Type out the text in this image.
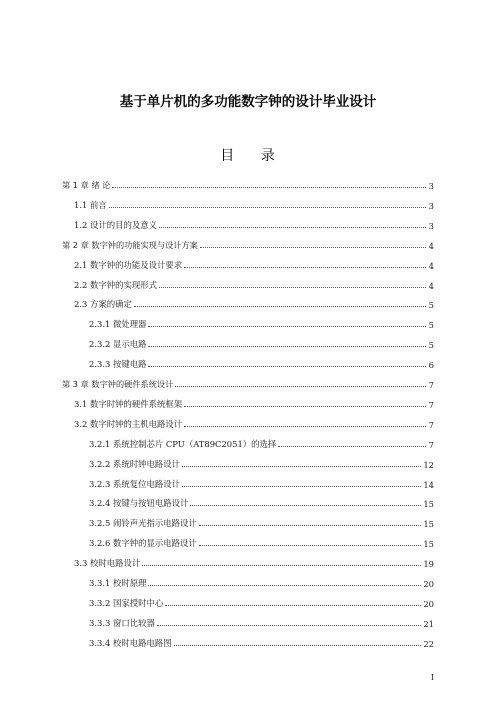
基于单片机的多功能数字钟的设计毕业设计
目 录
第 1 章 绪 论	3
1.1 前言	3
1.2 设计的目的及意义	3
第 2 章 数字钟的功能实现与设计方案	4
2.1 数字钟的功能及设计要求	4
2.2 数字钟的实现形式	4
2.3 方案的确定	5
2.3.1 微处理器	5
2.3.2 显示电路	5
2.3.3 按键电路	6
第 3 章 数字钟的硬件系统设计	7
3.1 数字时钟的硬件系统框架	7
3.2 数字时钟的主机电路设计	7
3.2.1 系统控制芯片 CPU（AT89C2051）的选择	7
3.2.2 系统时钟电路设计	12
3.2.3 系统复位电路设计	14
3.2.4 按键与按钮电路设计	15
3.2.5 闹铃声光指示电路设计	15
3.2.6 数字钟的显示电路设计	15
3.3 校时电路设计	19
3.3.1 校时原理	20
3.3.2 国家授时中心	20
3.3.3 窗口比较器	21
3.3.4 校时电路电路图	22
I
